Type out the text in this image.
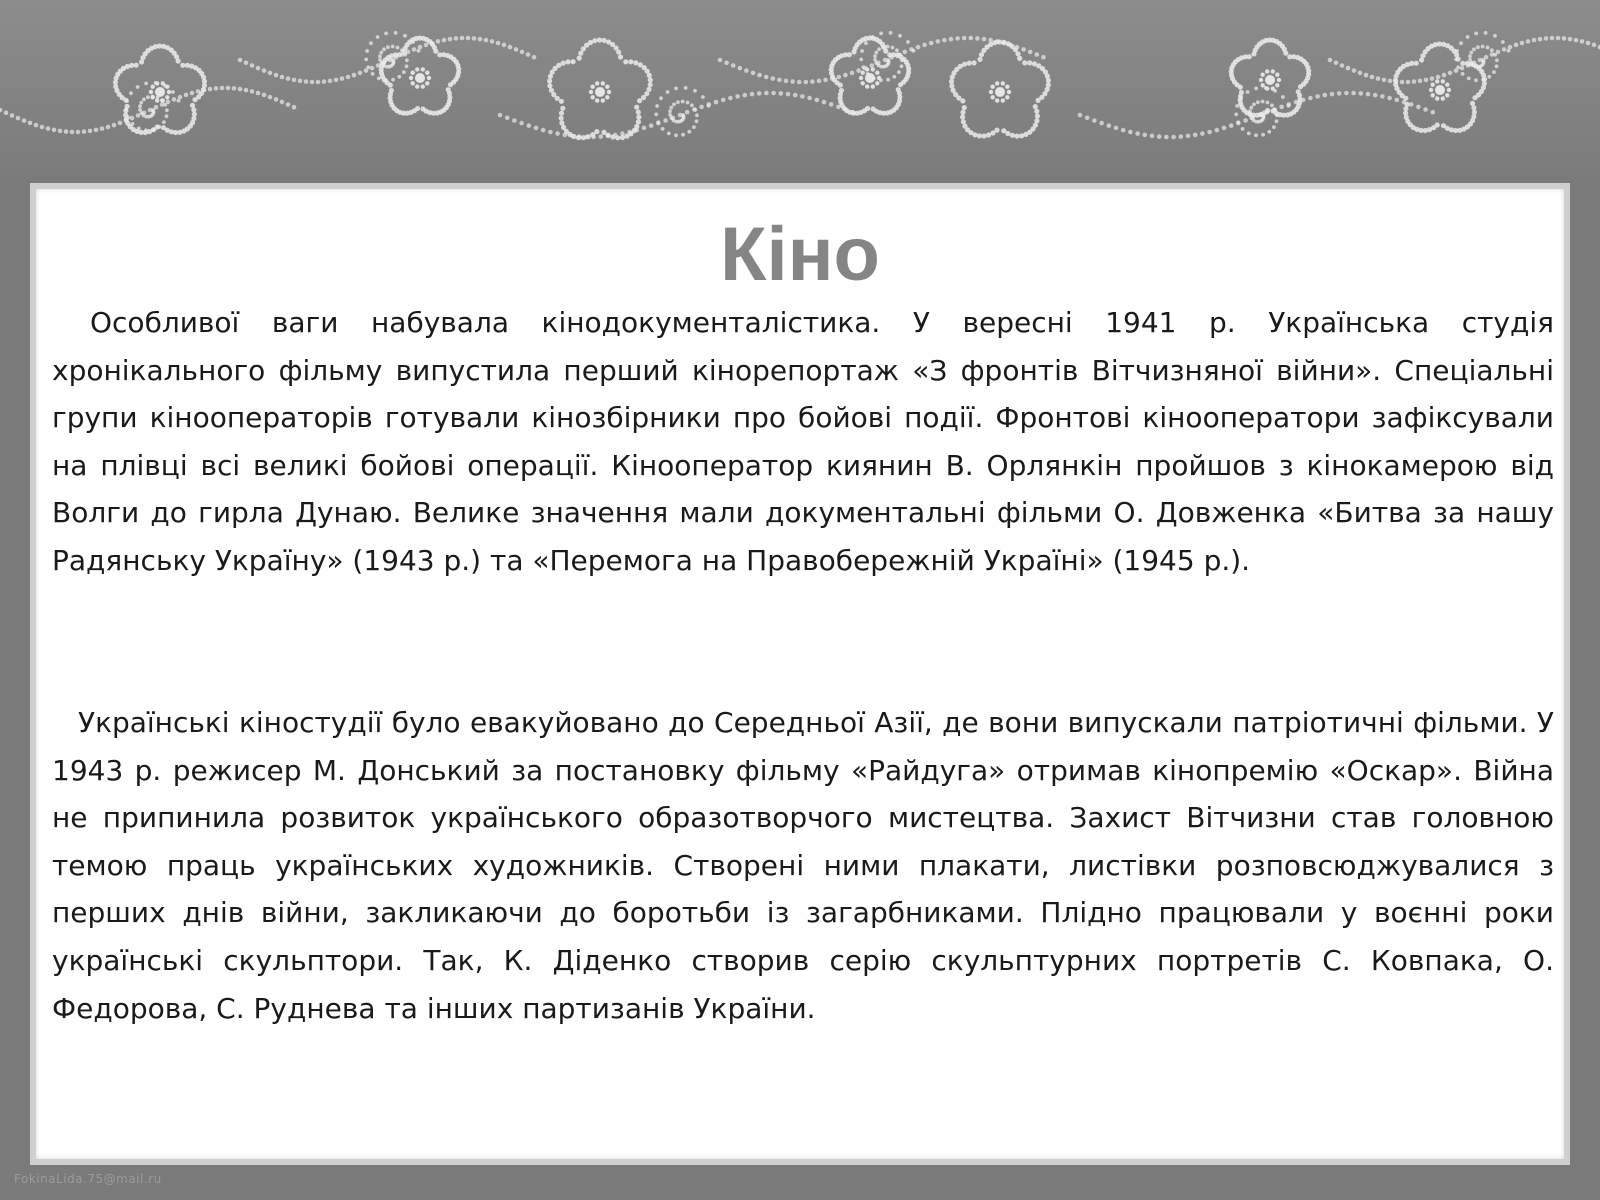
Кіно

Особливої ваги набувала кінодокументалістика. У вересні 1941 р. Українська студія хронікального фільму випустила перший кінорепортаж «З фронтів Вітчизняної війни». Спеціальні групи кінооператорів готували кінозбірники про бойові події. Фронтові кінооператори зафіксували на плівці всі великі бойові операції. Кінооператор киянин В. Орлянкін пройшов з кінокамерою від Волги до гирла Дунаю. Велике значення мали документальні фільми О. Довженка «Битва за нашу Радянську Україну» (1943 р.) та «Перемога на Правобережній Україні» (1945 р.).

Українські кіностудії було евакуйовано до Середньої Азії, де вони випускали патріотичні фільми. У 1943 р. режисер М. Донський за постановку фільму «Райдуга» отримав кінопремію «Оскар». Війна не припинила розвиток українського образотворчого мистецтва. Захист Вітчизни став головною темою праць українських художників. Створені ними плакати, листівки розповсюджувалися з перших днів війни, закликаючи до боротьби із загарбниками. Плідно працювали у воєнні роки українські скульптори. Так, К. Діденко створив серію скульптурних портретів С. Ковпака, О. Федорова, С. Руднева та інших партизанів України.

FokinaLida.75@mail.ru
